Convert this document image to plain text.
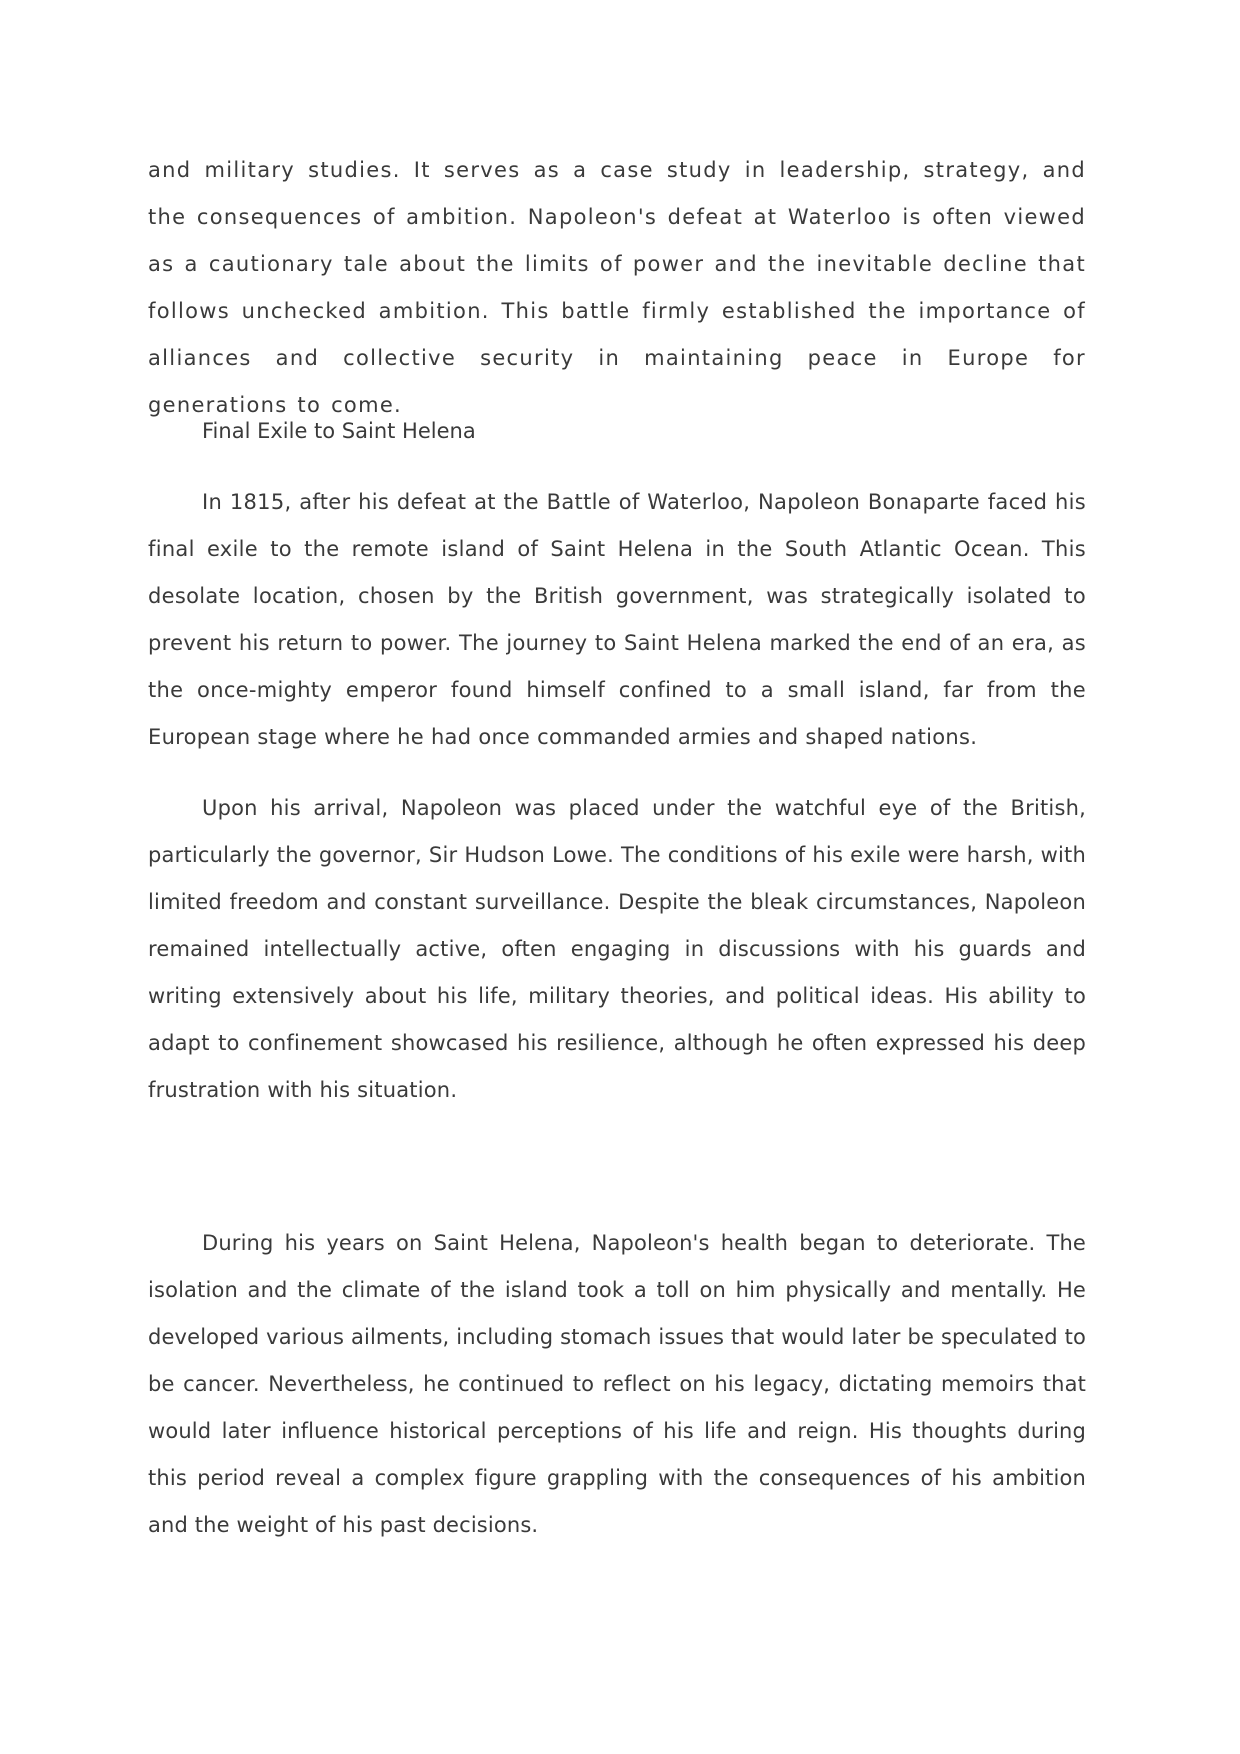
and military studies. It serves as a case study in leadership, strategy, and the consequences of ambition. Napoleon's defeat at Waterloo is often viewed as a cautionary tale about the limits of power and the inevitable decline that follows unchecked ambition. This battle firmly established the importance of alliances and collective security in maintaining peace in Europe for generations to come.

Final Exile to Saint Helena

In 1815, after his defeat at the Battle of Waterloo, Napoleon Bonaparte faced his final exile to the remote island of Saint Helena in the South Atlantic Ocean. This desolate location, chosen by the British government, was strategically isolated to prevent his return to power. The journey to Saint Helena marked the end of an era, as the once-mighty emperor found himself confined to a small island, far from the European stage where he had once commanded armies and shaped nations.

Upon his arrival, Napoleon was placed under the watchful eye of the British, particularly the governor, Sir Hudson Lowe. The conditions of his exile were harsh, with limited freedom and constant surveillance. Despite the bleak circumstances, Napoleon remained intellectually active, often engaging in discussions with his guards and writing extensively about his life, military theories, and political ideas. His ability to adapt to confinement showcased his resilience, although he often expressed his deep frustration with his situation.

During his years on Saint Helena, Napoleon's health began to deteriorate. The isolation and the climate of the island took a toll on him physically and mentally. He developed various ailments, including stomach issues that would later be speculated to be cancer. Nevertheless, he continued to reflect on his legacy, dictating memoirs that would later influence historical perceptions of his life and reign. His thoughts during this period reveal a complex figure grappling with the consequences of his ambition and the weight of his past decisions.
